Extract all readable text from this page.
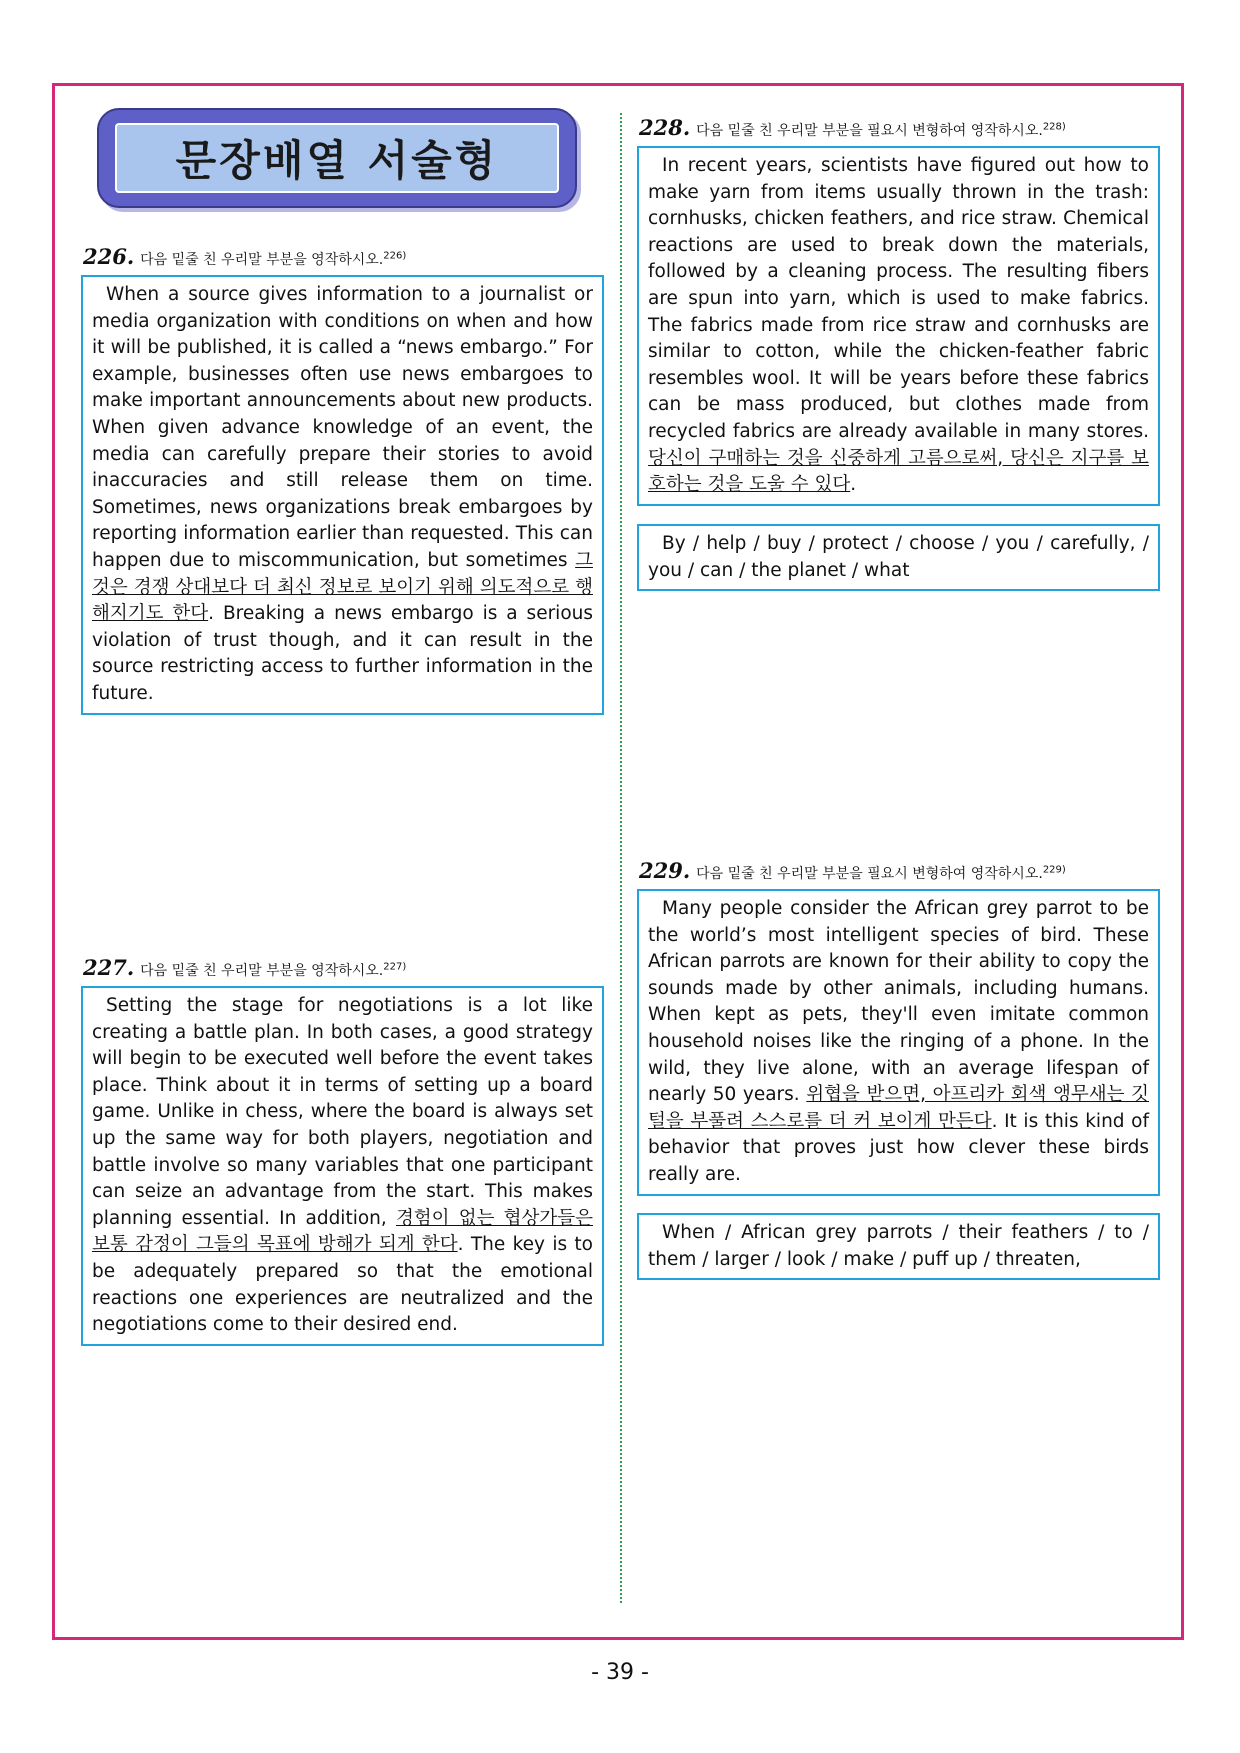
문장배열 서술형
226. 다음 밑줄 친 우리말 부분을 영작하시오.$^{226)}$

When a source gives information to a journalist or media organization with conditions on when and how it will be published, it is called a “news embargo.” For example, businesses often use news embargoes to make important announcements about new products. When given advance knowledge of an event, the media can carefully prepare their stories to avoid inaccuracies and still release them on time. Sometimes, news organizations break embargoes by reporting information earlier than requested. This can happen due to miscommunication, but sometimes 그것은 경쟁 상대보다 더 최신 정보로 보이기 위해 의도적으로 행해지기도 한다. Breaking a news embargo is a serious violation of trust though, and it can result in the source restricting access to further information in the future.

227. 다음 밑줄 친 우리말 부분을 영작하시오.$^{227)}$

Setting the stage for negotiations is a lot like creating a battle plan. In both cases, a good strategy will begin to be executed well before the event takes place. Think about it in terms of setting up a board game. Unlike in chess, where the board is always set up the same way for both players, negotiation and battle involve so many variables that one participant can seize an advantage from the start. This makes planning essential. In addition, 경험이 없는 협상가들은 보통 감정이 그들의 목표에 방해가 되게 한다. The key is to be adequately prepared so that the emotional reactions one experiences are neutralized and the negotiations come to their desired end.

228. 다음 밑줄 친 우리말 부분을 필요시 변형하여 영작하시오.$^{228)}$

In recent years, scientists have figured out how to make yarn from items usually thrown in the trash: cornhusks, chicken feathers, and rice straw. Chemical reactions are used to break down the materials, followed by a cleaning process. The resulting fibers are spun into yarn, which is used to make fabrics. The fabrics made from rice straw and cornhusks are similar to cotton, while the chicken-feather fabric resembles wool. It will be years before these fabrics can be mass produced, but clothes made from recycled fabrics are already available in many stores. 당신이 구매하는 것을 신중하게 고름으로써, 당신은 지구를 보호하는 것을 도울 수 있다.

By / help / buy / protect / choose / you / carefully, / you / can / the planet / what

229. 다음 밑줄 친 우리말 부분을 필요시 변형하여 영작하시오.$^{229)}$

Many people consider the African grey parrot to be the world’s most intelligent species of bird. These African parrots are known for their ability to copy the sounds made by other animals, including humans. When kept as pets, they'll even imitate common household noises like the ringing of a phone. In the wild, they live alone, with an average lifespan of nearly 50 years. 위협을 받으면, 아프리카 회색 앵무새는 깃털을 부풀려 스스로를 더 커 보이게 만든다. It is this kind of behavior that proves just how clever these birds really are.

When / African grey parrots / their feathers / to / them / larger / look / make / puff up / threaten,

- 39 -
